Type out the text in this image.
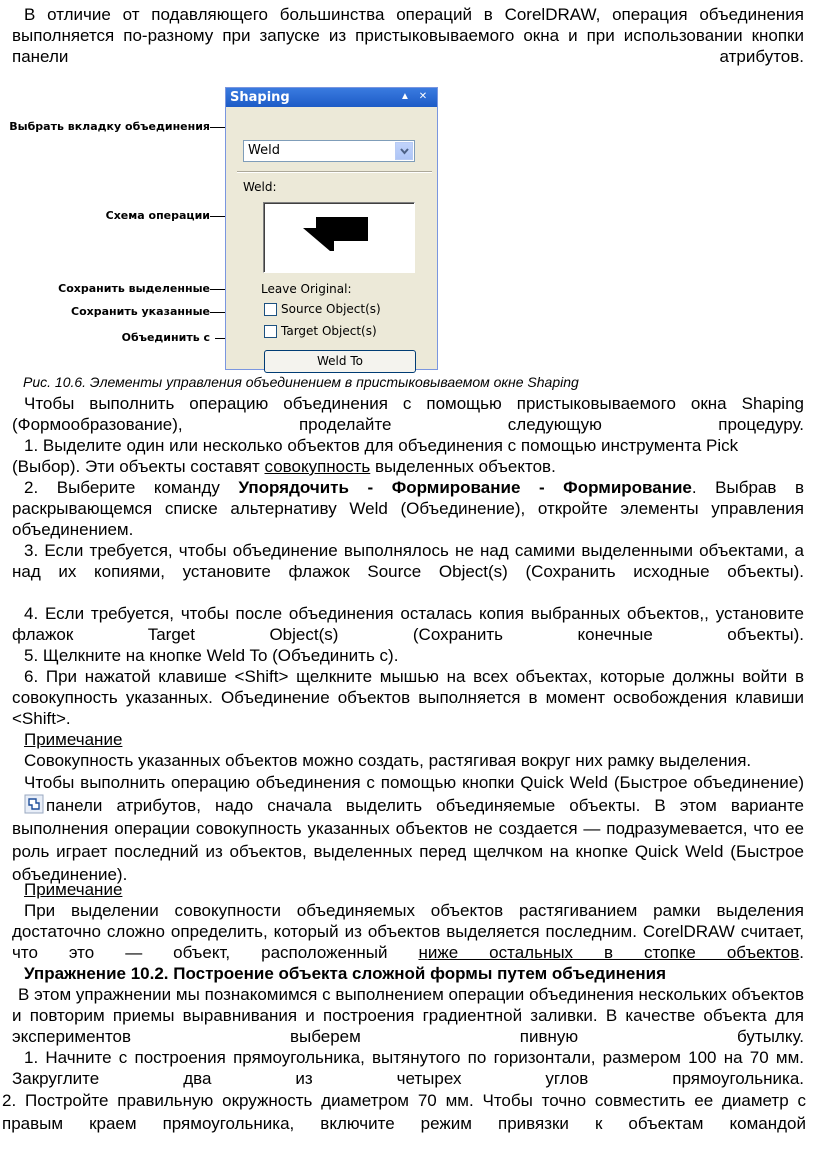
В отличие от подавляющего большинства операций в CorelDRAW, операция объединения выполняется по-разному при запуске из пристыковываемого окна и при использовании кнопки панели атрибутов.
Выбрать вкладку объединения
Схема операции
Сохранить выделенные
Сохранить указанные
Объединить с
Shaping	▲ ✕
Weld
Weld:
Leave Original:
Source Object(s)
Target Object(s)
Weld To
Рис. 10.6. Элементы управления объединением в пристыковываемом окне Shaping
Чтобы выполнить операцию объединения с помощью пристыковываемого окна Shaping (Формообразование), проделайте следующую процедуру.
1. Выделите один или несколько объектов для объединения с помощью инструмента Pick (Выбор). Эти объекты составят совокупность выделенных объектов.
2. Выберите команду Упорядочить - Формирование - Формирование. Выбрав в раскрывающемся списке альтернативу Weld (Объединение), откройте элементы управления объединением.
3. Если требуется, чтобы объединение выполнялось не над самими выделенными объектами, а над их копиями, установите флажок Source Object(s) (Сохранить исходные объекты).
4. Если требуется, чтобы после объединения осталась копия выбранных объектов,, установите флажок Target Object(s) (Сохранить конечные объекты).
5. Щелкните на кнопке Weld To (Объединить с).
6. При нажатой клавише <Shift> щелкните мышью на всех объектах, которые должны войти в совокупность указанных. Объединение объектов выполняется в момент освобождения клавиши <Shift>.
Примечание
Совокупность указанных объектов можно создать, растягивая вокруг них рамку выделения.
Чтобы выполнить операцию объединения с помощью кнопки Quick Weld (Быстрое объединение) панели атрибутов, надо сначала выделить объединяемые объекты. В этом варианте выполнения операции совокупность указанных объектов не создается — подразумевается, что ее роль играет последний из объектов, выделенных перед щелчком на кнопке Quick Weld (Быстрое объединение).
Примечание
При выделении совокупности объединяемых объектов растягиванием рамки выделения достаточно сложно определить, который из объектов выделяется последним. CorelDRAW считает, что это — объект, расположенный ниже остальных в стопке объектов.
Упражнение 10.2. Построение объекта сложной формы путем объединения
В этом упражнении мы познакомимся с выполнением операции объединения нескольких объектов и повторим приемы выравнивания и построения градиентной заливки. В качестве объекта для экспериментов выберем пивную бутылку.
1. Начните с построения прямоугольника, вытянутого по горизонтали, размером 100 на 70 мм. Закруглите два из четырех углов прямоугольника.
2. Постройте правильную окружность диаметром 70 мм. Чтобы точно совместить ее диаметр с правым краем прямоугольника, включите режим привязки к объектам командой
